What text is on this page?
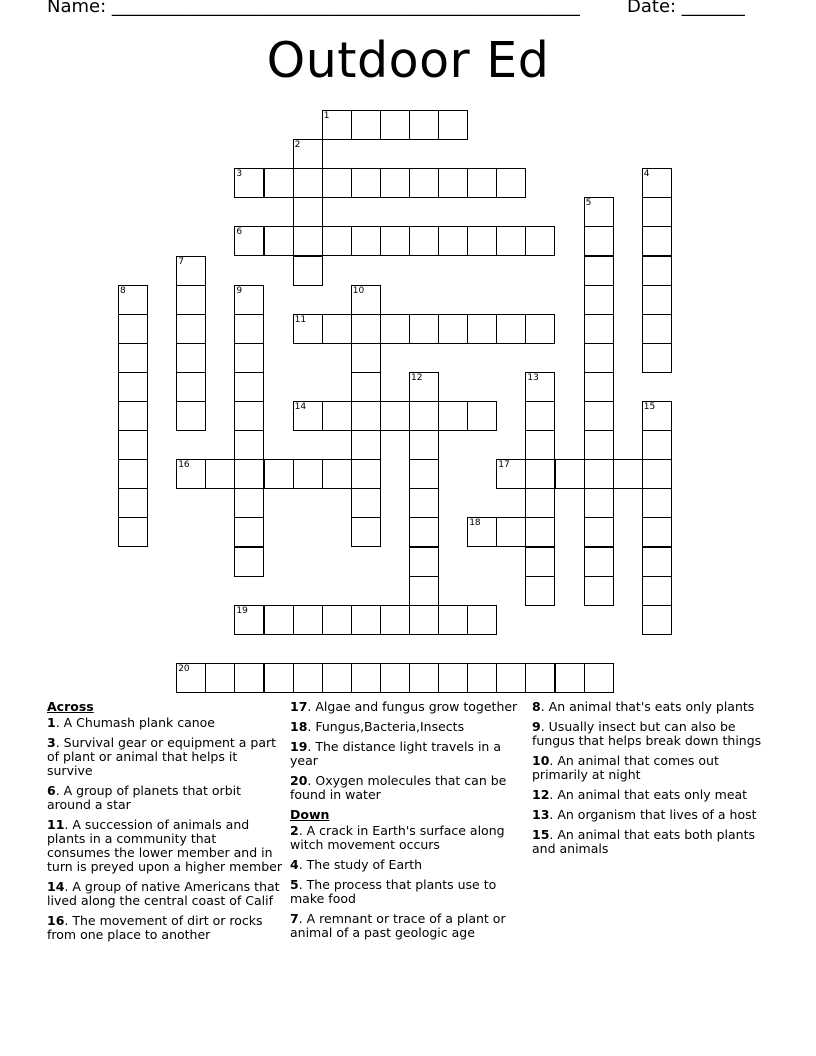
Name: ____________________________________________________	Date: _______
Outdoor Ed
1
2
3	4
5
6
7
8	9	10
11
12	13
14	15
16	17
18
19
20
Across
1. A Chumash plank canoe
3. Survival gear or equipment a part of plant or animal that helps it survive
6. A group of planets that orbit around a star
11. A succession of animals and plants in a community that consumes the lower member and in turn is preyed upon a higher member
14. A group of native Americans that lived along the central coast of Calif
16. The movement of dirt or rocks from one place to another
17. Algae and fungus grow together
18. Fungus,Bacteria,Insects
19. The distance light travels in a year
20. Oxygen molecules that can be found in water
Down
2. A crack in Earth's surface along witch movement occurs
4. The study of Earth
5. The process that plants use to make food
7. A remnant or trace of a plant or animal of a past geologic age
8. An animal that's eats only plants
9. Usually insect but can also be fungus that helps break down things
10. An animal that comes out primarily at night
12. An animal that eats only meat
13. An organism that lives of a host
15. An animal that eats both plants and animals
